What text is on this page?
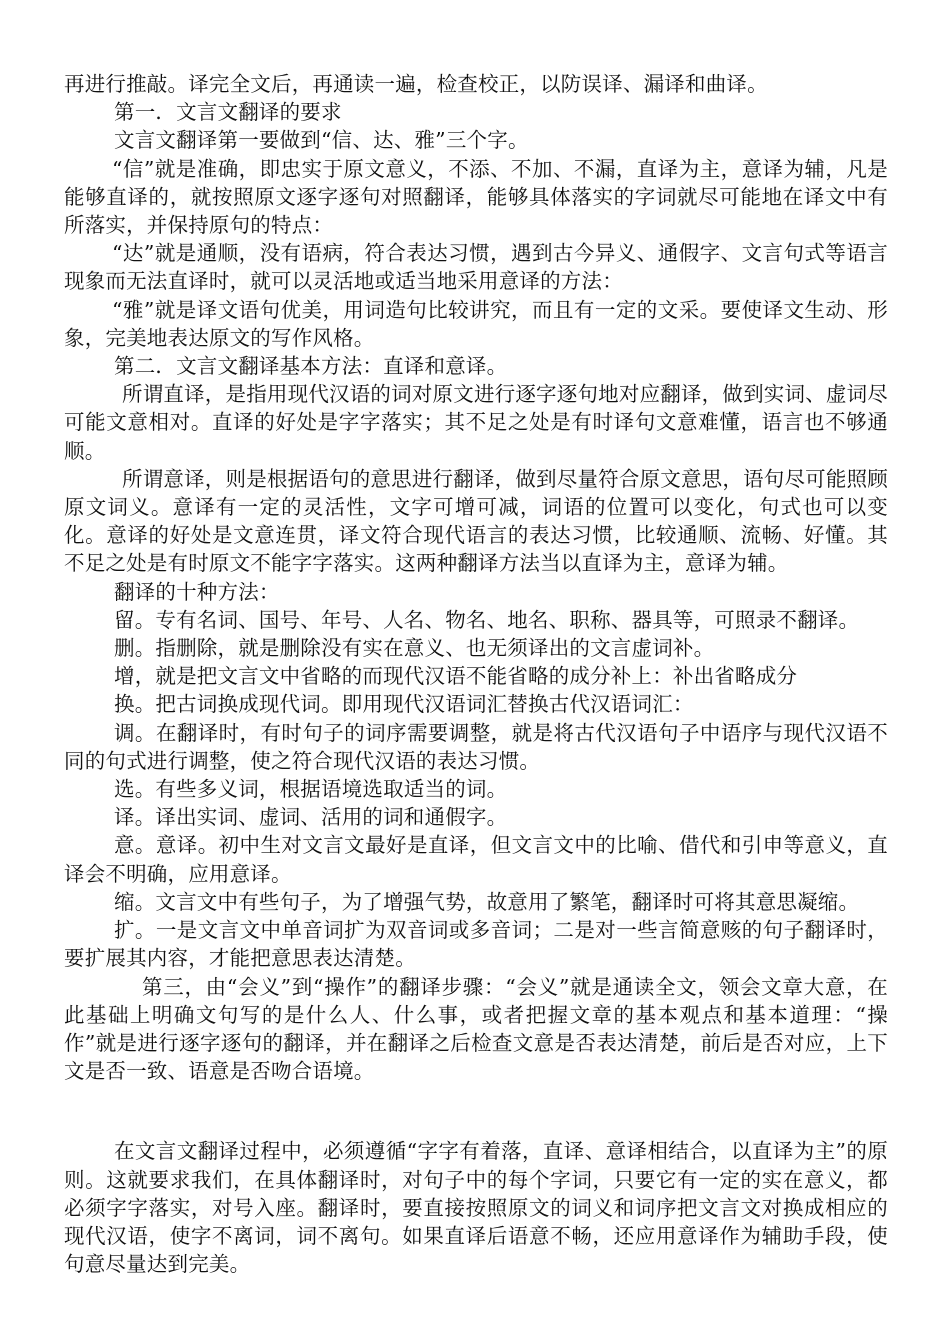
再进行推敲。译完全文后，再通读一遍，检查校正，以防误译、漏译和曲译。

第一．文言文翻译的要求

文言文翻译第一要做到“信、达、雅”三个字。

“信”就是准确，即忠实于原文意义，不添、不加、不漏，直译为主，意译为辅，凡是能够直译的，就按照原文逐字逐句对照翻译，能够具体落实的字词就尽可能地在译文中有所落实，并保持原句的特点：

“达”就是通顺，没有语病，符合表达习惯，遇到古今异义、通假字、文言句式等语言现象而无法直译时，就可以灵活地或适当地采用意译的方法：

“雅”就是译文语句优美，用词造句比较讲究，而且有一定的文采。要使译文生动、形象，完美地表达原文的写作风格。

第二．文言文翻译基本方法：直译和意译。

所谓直译，是指用现代汉语的词对原文进行逐字逐句地对应翻译，做到实词、虚词尽可能文意相对。直译的好处是字字落实；其不足之处是有时译句文意难懂，语言也不够通顺。

所谓意译，则是根据语句的意思进行翻译，做到尽量符合原文意思，语句尽可能照顾原文词义。意译有一定的灵活性，文字可增可减，词语的位置可以变化，句式也可以变化。意译的好处是文意连贯，译文符合现代语言的表达习惯，比较通顺、流畅、好懂。其不足之处是有时原文不能字字落实。这两种翻译方法当以直译为主，意译为辅。

翻译的十种方法：

留。专有名词、国号、年号、人名、物名、地名、职称、器具等，可照录不翻译。

删。指删除，就是删除没有实在意义、也无须译出的文言虚词补。

增，就是把文言文中省略的而现代汉语不能省略的成分补上：补出省略成分

换。把古词换成现代词。即用现代汉语词汇替换古代汉语词汇：

调。在翻译时，有时句子的词序需要调整，就是将古代汉语句子中语序与现代汉语不同的句式进行调整，使之符合现代汉语的表达习惯。

选。有些多义词，根据语境选取适当的词。

译。译出实词、虚词、活用的词和通假字。

意。意译。初中生对文言文最好是直译，但文言文中的比喻、借代和引申等意义，直译会不明确，应用意译。

缩。文言文中有些句子，为了增强气势，故意用了繁笔，翻译时可将其意思凝缩。

扩。一是文言文中单音词扩为双音词或多音词；二是对一些言简意赅的句子翻译时，要扩展其内容，才能把意思表达清楚。

第三，由“会义”到“操作”的翻译步骤：“会义”就是通读全文，领会文章大意，在此基础上明确文句写的是什么人、什么事，或者把握文章的基本观点和基本道理：“操作”就是进行逐字逐句的翻译，并在翻译之后检查文意是否表达清楚，前后是否对应，上下文是否一致、语意是否吻合语境。

在文言文翻译过程中，必须遵循“字字有着落，直译、意译相结合，以直译为主”的原则。这就要求我们，在具体翻译时，对句子中的每个字词，只要它有一定的实在意义，都必须字字落实，对号入座。翻译时，要直接按照原文的词义和词序把文言文对换成相应的现代汉语，使字不离词，词不离句。如果直译后语意不畅，还应用意译作为辅助手段，使句意尽量达到完美。
